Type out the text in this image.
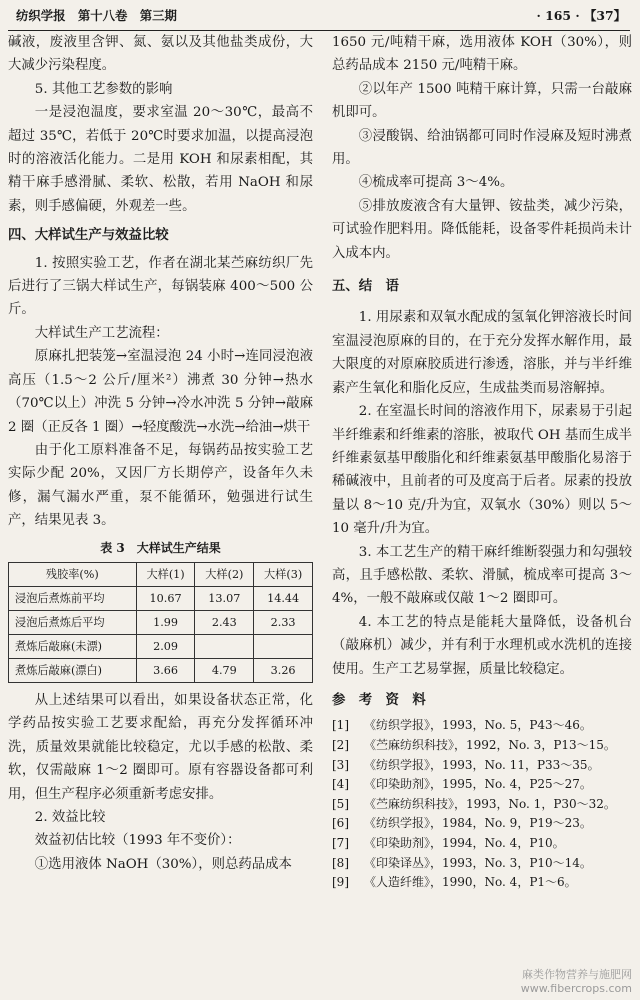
纺织学报 第十八卷 第三期	· 165 · 【37】

碱液，废液里含钾、氮、氨以及其他盐类成份，大大减少污染程度。

5. 其他工艺参数的影响

一是浸泡温度，要求室温 20～30℃，最高不超过 35℃，若低于 20℃时要求加温，以提高浸泡时的溶液活化能力。二是用 KOH 和尿素相配，其精干麻手感滑腻、柔软、松散，若用 NaOH 和尿素，则手感偏硬，外观差一些。

四、大样试生产与效益比较

1. 按照实验工艺，作者在湖北某苎麻纺织厂先后进行了三锅大样试生产，每锅装麻 400～500 公斤。

大样试生产工艺流程：

原麻扎把装笼→室温浸泡 24 小时→连同浸泡液高压（1.5～2 公斤/厘米²）沸煮 30 分钟→热水（70℃以上）冲洗 5 分钟→冷水冲洗 5 分钟→敲麻 2 圈（正反各 1 圈）→轻度酸洗→水洗→给油→烘干

由于化工原料准备不足，每锅药品按实验工艺实际少配 20%，又因厂方长期停产，设备年久未修，漏气漏水严重，泵不能循环，勉强进行试生产，结果见表 3。

表 3　大样试生产结果
残胶率(%)	大样(1)	大样(2)	大样(3)
浸泡后煮炼前平均	10.67	13.07	14.44
浸泡后煮炼后平均	1.99	2.43	2.33
煮炼后敲麻(未漂)	2.09		
煮炼后敲麻(漂白)	3.66	4.79	3.26

从上述结果可以看出，如果设备状态正常，化学药品按实验工艺要求配給，再充分发挥循环冲洗，质量效果就能比较稳定，尤以手感的松散、柔软，仅需敲麻 1～2 圈即可。原有容器设备都可利用，但生产程序必须重新考虑安排。

2. 效益比较

效益初估比较（1993 年不变价）：

①选用液体 NaOH（30%），则总药品成本

1650 元/吨精干麻，选用液体 KOH（30%），则总药品成本 2150 元/吨精干麻。

②以年产 1500 吨精干麻计算，只需一台敲麻机即可。

③浸酸锅、给油锅都可同时作浸麻及短时沸煮用。

④梳成率可提高 3～4%。

⑤排放废液含有大量钾、铵盐类，减少污染，可试验作肥料用。降低能耗，设备零件耗损尚未计入成本内。

五、结　语

1. 用尿素和双氧水配成的氢氧化钾溶液长时间室温浸泡原麻的目的，在于充分发挥水解作用，最大限度的对原麻胶质进行渗透，溶胀，并与半纤维素产生氧化和脂化反应，生成盐类而易溶解掉。

2. 在室温长时间的溶液作用下，尿素易于引起半纤维素和纤维素的溶胀，被取代 OH 基而生成半纤维素氨基甲酸脂化和纤维素氨基甲酸脂化易溶于稀碱液中，且前者的可及度高于后者。尿素的投放量以 8～10 克/升为宜，双氧水（30%）则以 5～10 毫升/升为宜。

3. 本工艺生产的精干麻纤维断裂强力和勾强较高，且手感松散、柔软、滑腻，梳成率可提高 3～4%，一般不敲麻或仅敲 1～2 圈即可。

4. 本工艺的特点是能耗大量降低，设备机台（敲麻机）减少，并有利于水理机或水洗机的连接使用。生产工艺易掌握，质量比较稳定。

参　考　资　料

[1] 《纺织学报》，1993，No. 5，P43～46。

[2] 《苎麻纺织科技》，1992，No. 3，P13～15。

[3] 《纺织学报》，1993，No. 11，P33～35。

[4] 《印染助剂》，1995，No. 4，P25～27。

[5] 《苎麻纺织科技》，1993，No. 1，P30～32。

[6] 《纺织学报》，1984，No. 9，P19～23。

[7] 《印染助剂》，1994，No. 4，P10。

[8] 《印染译丛》，1993，No. 3，P10～14。

[9] 《人造纤维》，1990，No. 4，P1～6。

麻类作物营养与施肥网
www.fibercrops.com
